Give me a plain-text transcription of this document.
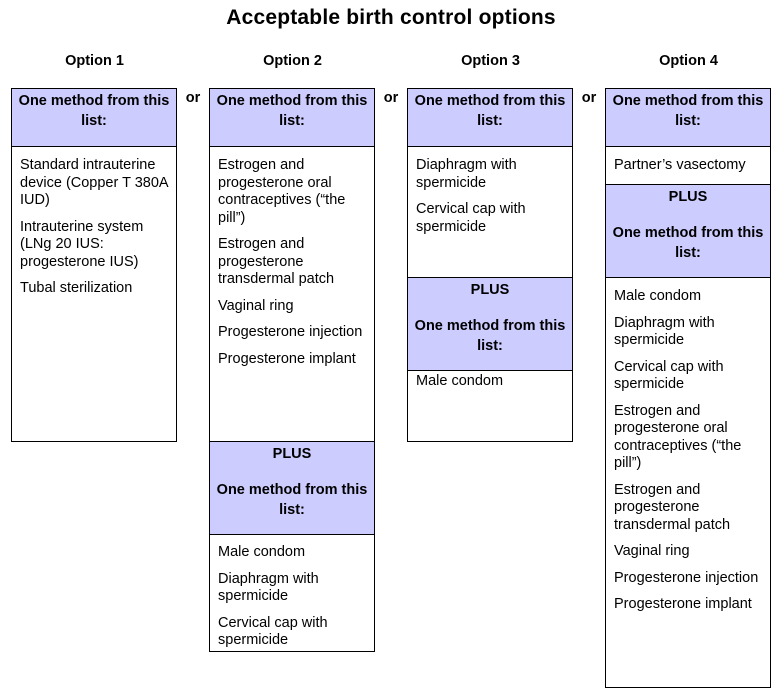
Acceptable birth control options
Option 1	Option 2	Option 3	Option 4
or	or	or
One method from this list:
Standard intrauterine device (Copper T 380A IUD)
Intrauterine system (LNg 20 IUS: progesterone IUS)
Tubal sterilization
One method from this list:
Estrogen and progesterone oral contraceptives (“the pill”)
Estrogen and progesterone transdermal patch
Vaginal ring
Progesterone injection
Progesterone implant
PLUS
One method from this list:
Male condom
Diaphragm with spermicide
Cervical cap with spermicide
One method from this list:
Diaphragm with spermicide
Cervical cap with spermicide
PLUS
One method from this list:
Male condom
One method from this list:
Partner’s vasectomy
PLUS
One method from this list:
Male condom
Diaphragm with spermicide
Cervical cap with spermicide
Estrogen and progesterone oral contraceptives (“the pill”)
Estrogen and progesterone transdermal patch
Vaginal ring
Progesterone injection
Progesterone implant
